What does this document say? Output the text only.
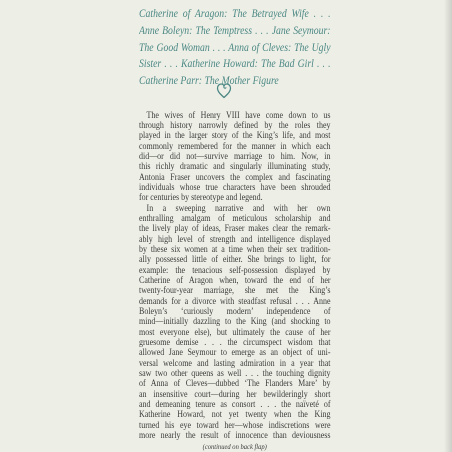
Catherine of Aragon: The Betrayed Wife . . .
Anne Boleyn: The Temptress . . . Jane Seymour:
The Good Woman . . . Anna of Cleves: The Ugly
Sister . . . Katherine Howard: The Bad Girl . . .
Catherine Parr: The Mother Figure
The wives of Henry VIII have come down to us
through history narrowly defined by the roles they
played in the larger story of the King’s life, and most
commonly remembered for the manner in which each
did—or did not—survive marriage to him. Now, in
this richly dramatic and singularly illuminating study,
Antonia Fraser uncovers the complex and fascinating
individuals whose true characters have been shrouded
for centuries by stereotype and legend.
In a sweeping narrative and with her own
enthralling amalgam of meticulous scholarship and
the lively play of ideas, Fraser makes clear the remark-
ably high level of strength and intelligence displayed
by these six women at a time when their sex tradition-
ally possessed little of either. She brings to light, for
example: the tenacious self-possession displayed by
Catherine of Aragon when, toward the end of her
twenty-four-year marriage, she met the King’s
demands for a divorce with steadfast refusal . . . Anne
Boleyn’s ‘curiously modern’ independence of
mind—initially dazzling to the King (and shocking to
most everyone else), but ultimately the cause of her
gruesome demise . . . the circumspect wisdom that
allowed Jane Seymour to emerge as an object of uni-
versal welcome and lasting admiration in a year that
saw two other queens as well . . . the touching dignity
of Anna of Cleves—dubbed ‘The Flanders Mare’ by
an insensitive court—during her bewilderingly short
and demeaning tenure as consort . . . the naïveté of
Katherine Howard, not yet twenty when the King
turned his eye toward her—whose indiscretions were
more nearly the result of innocence than deviousness
(continued on back flap)
